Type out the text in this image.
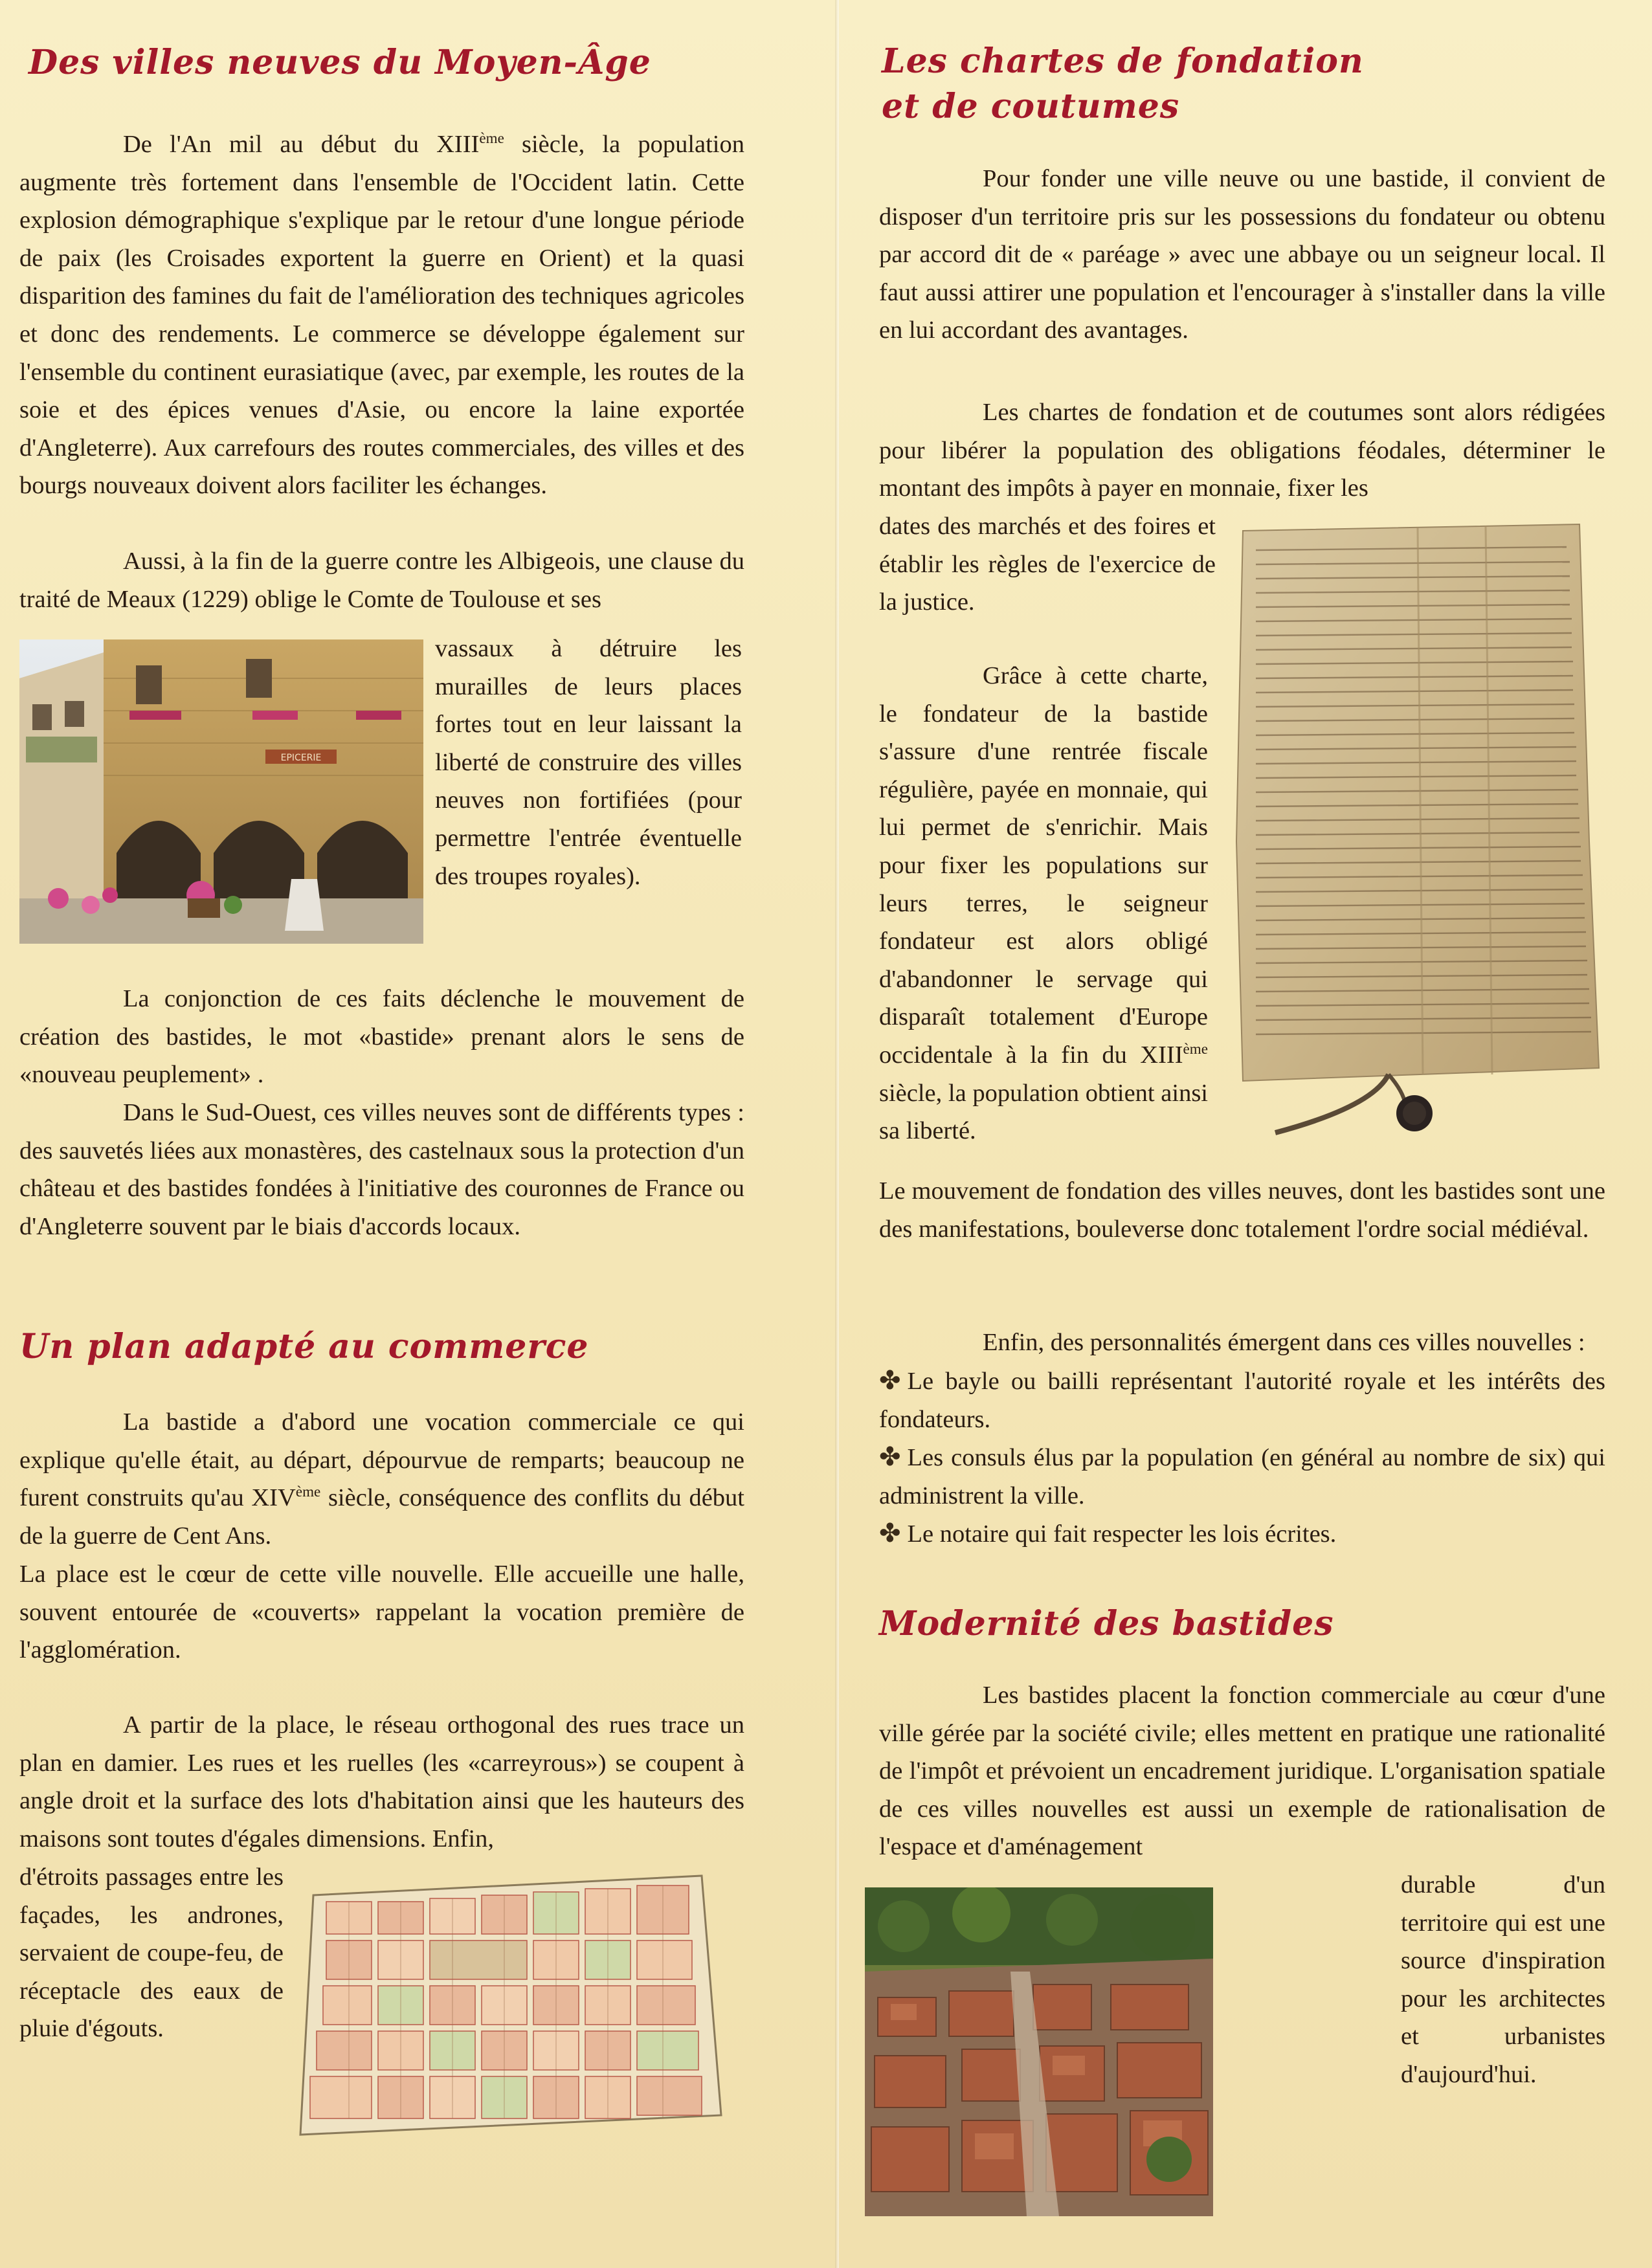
Des villes neuves du Moyen-Âge

De l'An mil au début du XIIIème siècle, la population augmente très fortement dans l'ensemble de l'Occident latin. Cette explosion démographique s'explique par le retour d'une longue période de paix (les Croisades exportent la guerre en Orient) et la quasi disparition des famines du fait de l'amélioration des techniques agricoles et donc des rendements. Le commerce se développe également sur l'ensemble du continent eurasiatique (avec, par exemple, les routes de la soie et des épices venues d'Asie, ou encore la laine exportée d'Angleterre). Aux carrefours des routes commerciales, des villes et des bourgs nouveaux doivent alors faciliter les échanges.

Aussi, à la fin de la guerre contre les Albigeois, une clause du traité de Meaux (1229) oblige le Comte de Toulouse et ses

EPICERIE

vassaux à détruire les murailles de leurs places fortes tout en leur laissant la liberté de construire des villes neuves non fortifiées (pour permettre l'entrée éventuelle des troupes royales).

La conjonction de ces faits déclenche le mouvement de création des bastides, le mot «bastide» prenant alors le sens de «nouveau peuplement» .

Dans le Sud-Ouest, ces villes neuves sont de différents types : des sauvetés liées aux monastères, des castelnaux sous la protection d'un château et des bastides fondées à l'initiative des couronnes de France ou d'Angleterre souvent par le biais d'accords locaux.

Un plan adapté au commerce

La bastide a d'abord une vocation commerciale ce qui explique qu'elle était, au départ, dépourvue de remparts; beaucoup ne furent construits qu'au XIVème siècle, conséquence des conflits du début de la guerre de Cent Ans.

La place est le cœur de cette ville nouvelle. Elle accueille une halle, souvent entourée de «couverts» rappelant la vocation première de l'agglomération.

A partir de la place, le réseau orthogonal des rues trace un plan en damier. Les rues et les ruelles (les «carreyrous») se coupent à angle droit et la surface des lots d'habitation ainsi que les hauteurs des maisons sont toutes d'égales dimensions. Enfin,

d'étroits passages entre les façades, les andrones, servaient de coupe-feu, de réceptacle des eaux de pluie d'égouts.

Les chartes de fondation
et de coutumes

Pour fonder une ville neuve ou une bastide, il convient de disposer d'un territoire pris sur les possessions du fondateur ou obtenu par accord dit de « paréage » avec une abbaye ou un seigneur local. Il faut aussi attirer une population et l'encourager à s'installer dans la ville en lui accordant des avantages.

Les chartes de fondation et de coutumes sont alors rédigées pour libérer la population des obligations féodales, déterminer le montant des impôts à payer en monnaie, fixer les

dates des marchés et des foires et établir les règles de l'exercice de la justice.

Grâce à cette charte, le fondateur de la bastide s'assure d'une rentrée fiscale régulière, payée en monnaie, qui lui permet de s'enrichir. Mais pour fixer les populations sur leurs terres, le seigneur fondateur est alors obligé d'abandonner le servage qui disparaît totalement d'Europe occidentale à la fin du XIIIème siècle, la population obtient ainsi sa liberté.

Le mouvement de fondation des villes neuves, dont les bastides sont une des manifestations, bouleverse donc totalement l'ordre social médiéval.

Enfin, des personnalités émergent dans ces villes nouvelles :

✤ Le bayle ou bailli représentant l'autorité royale et les intérêts des fondateurs.
✤ Les consuls élus par la population (en général au nombre de six) qui administrent la ville.
✤ Le notaire qui fait respecter les lois écrites.

Modernité des bastides

Les bastides placent la fonction commerciale au cœur d'une ville gérée par la société civile; elles mettent en pratique une rationalité de l'impôt et prévoient un encadrement juridique. L'organisation spatiale de ces villes nouvelles est aussi un exemple de rationalisation de l'espace et d'aménagement

durable d'un territoire qui est une source d'inspiration pour les architectes et urbanistes d'aujourd'hui.
